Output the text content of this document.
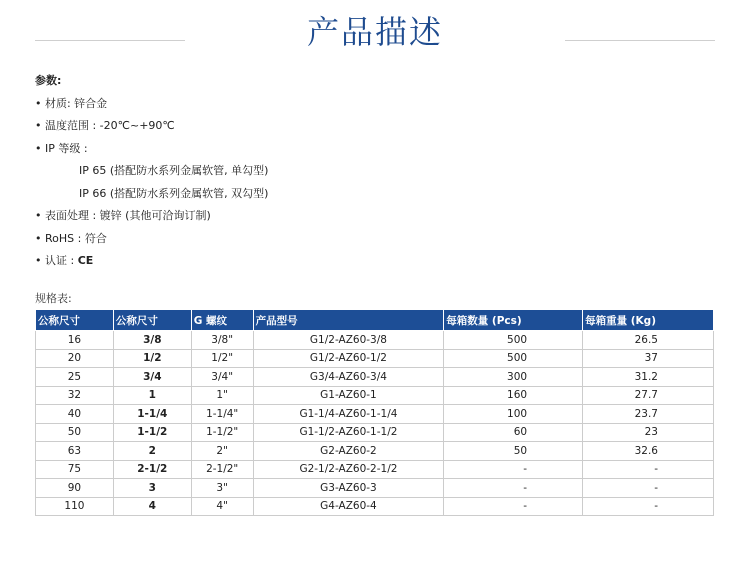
产品描述
参数:
• 材质: 锌合金
• 温度范围 : -20℃~+90℃
• IP 等级 :
IP 65 (搭配防水系列金属软管, 单勾型)
IP 66 (搭配防水系列金属软管, 双勾型)
• 表面处理 : 镀锌 (其他可洽询订制)
• RoHS : 符合
• 认证 : CE
规格表:
公称尺寸	公称尺寸	G 螺纹	产品型号	每箱数量 (Pcs)	每箱重量 (Kg)
16	3/8	3/8"	G1/2-AZ60-3/8	500	26.5
20	1/2	1/2"	G1/2-AZ60-1/2	500	37
25	3/4	3/4"	G3/4-AZ60-3/4	300	31.2
32	1	1"	G1-AZ60-1	160	27.7
40	1-1/4	1-1/4"	G1-1/4-AZ60-1-1/4	100	23.7
50	1-1/2	1-1/2"	G1-1/2-AZ60-1-1/2	60	23
63	2	2"	G2-AZ60-2	50	32.6
75	2-1/2	2-1/2"	G2-1/2-AZ60-2-1/2	-	-
90	3	3"	G3-AZ60-3	-	-
110	4	4"	G4-AZ60-4	-	-
